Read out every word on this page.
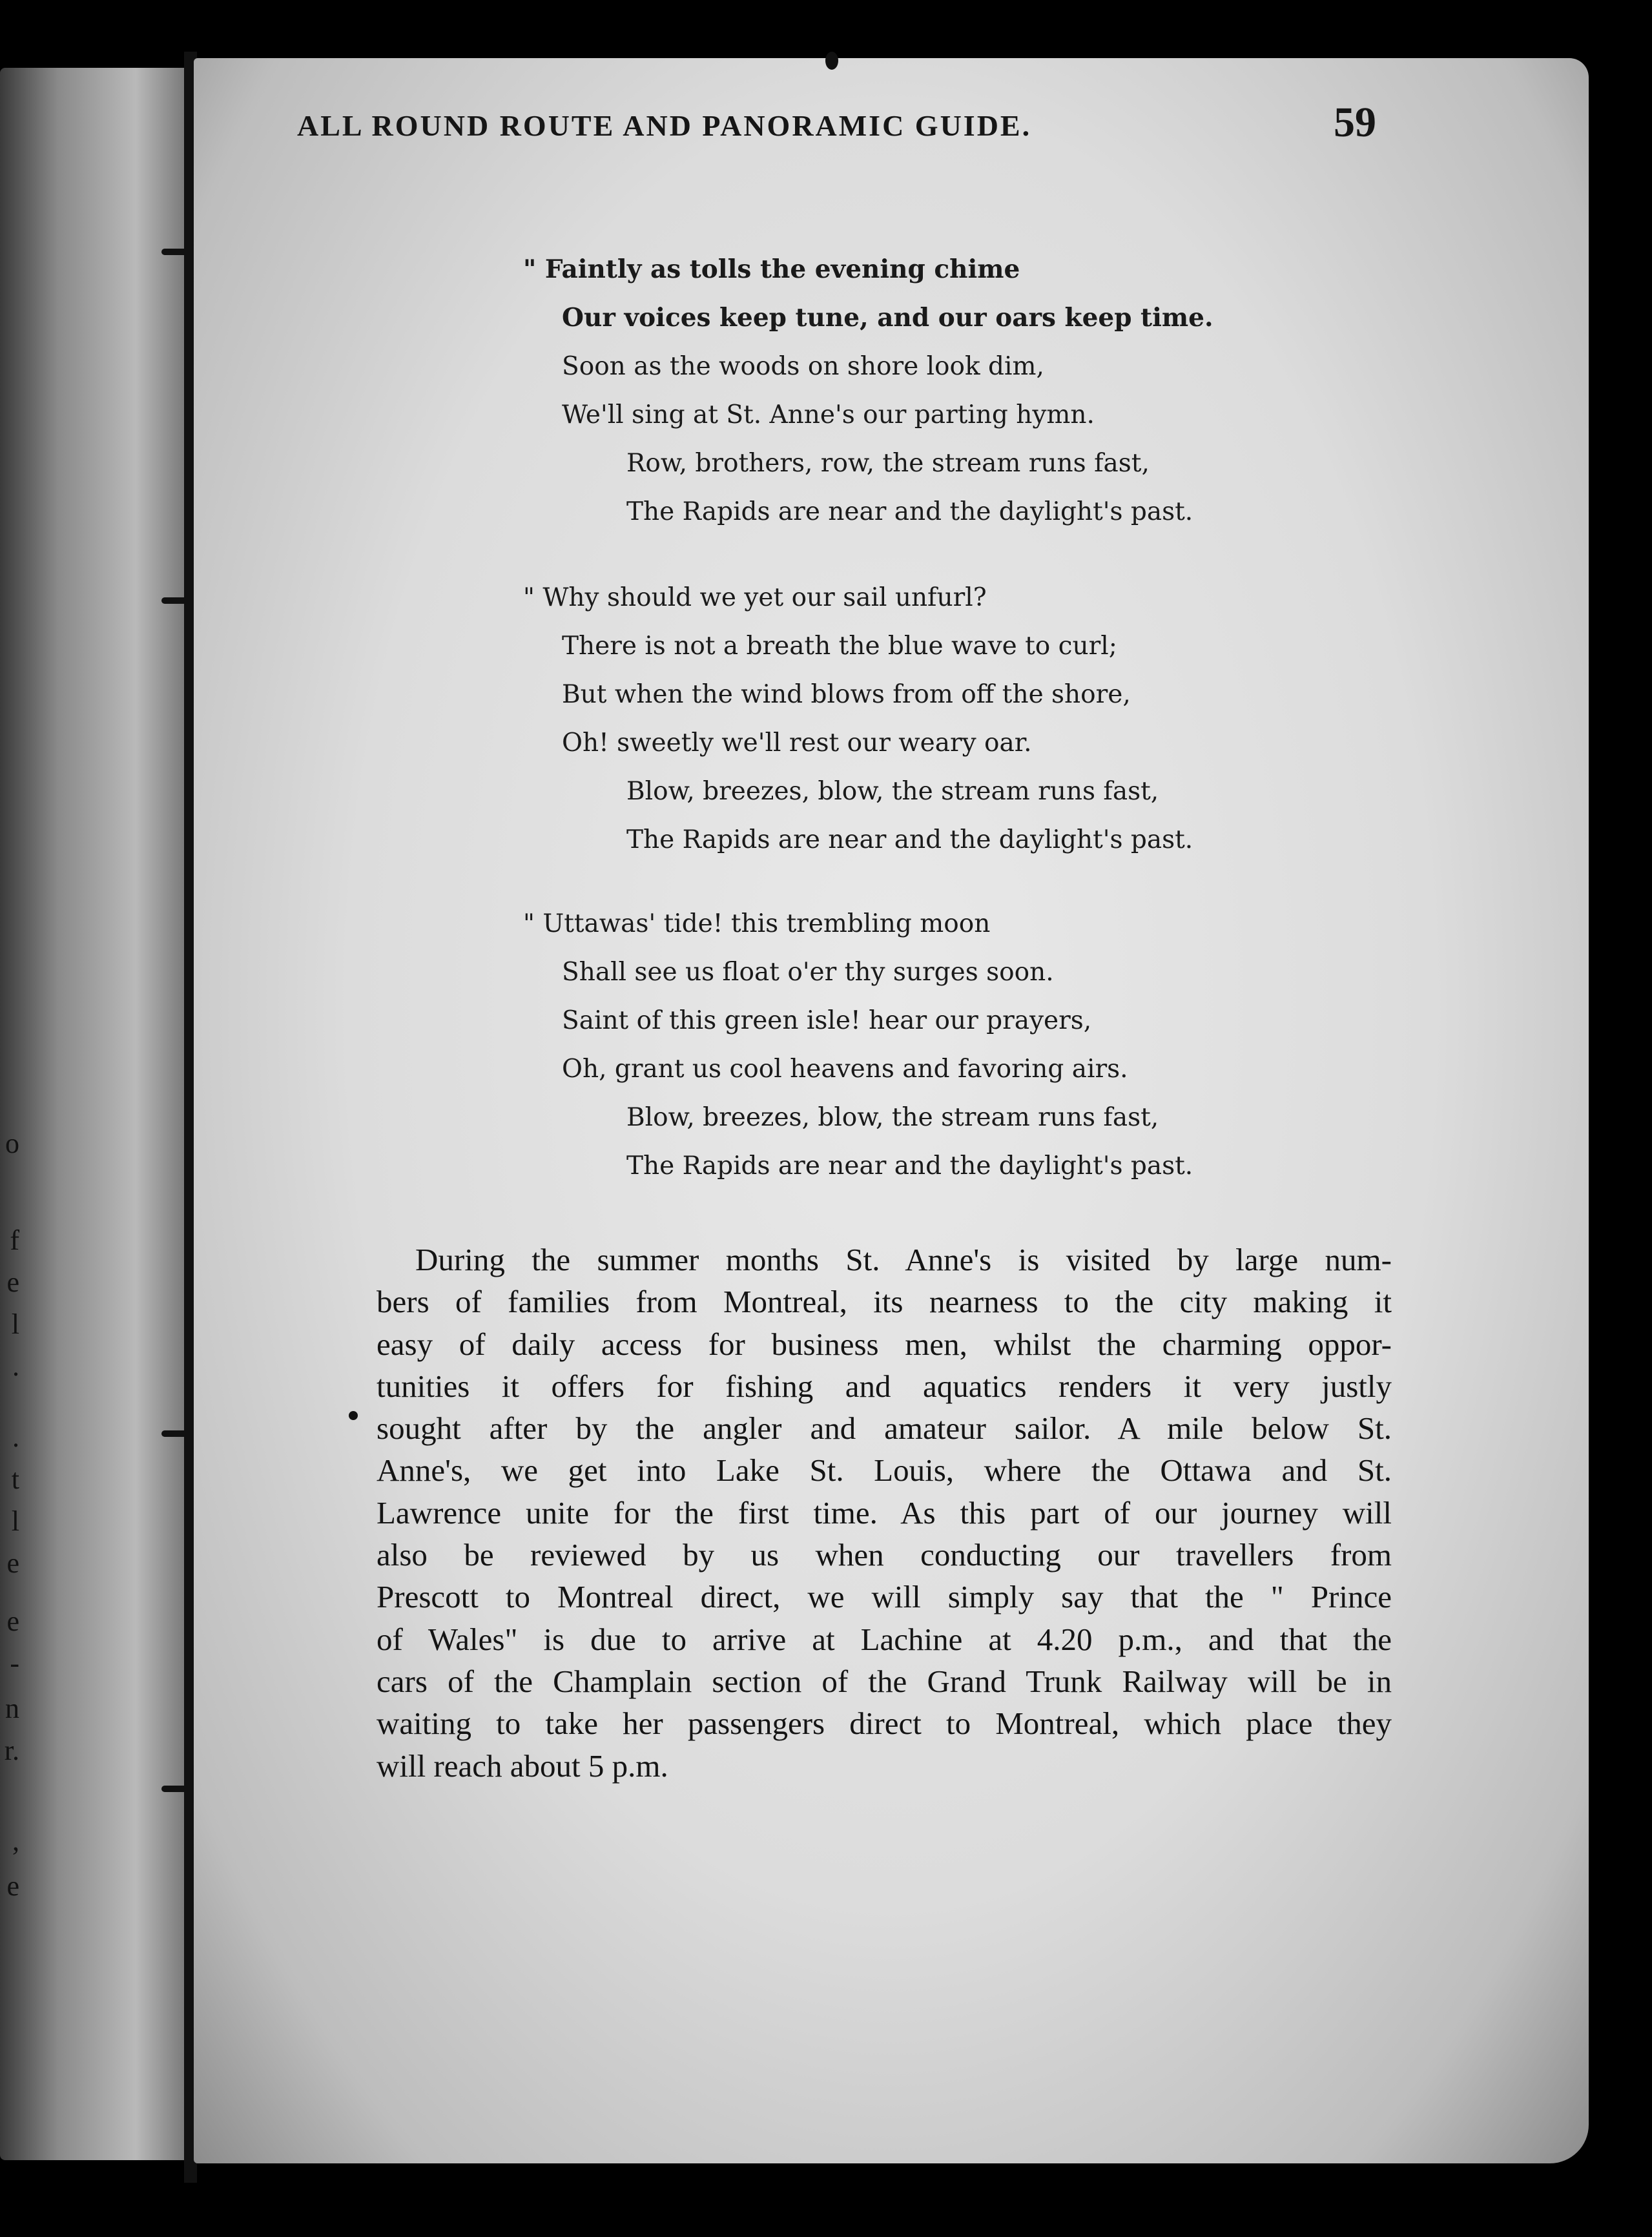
o
f
e
l
.
.
t
l
e
e
-
n
r.
,
e
ALL ROUND ROUTE AND PANORAMIC GUIDE.	59
" Faintly as tolls the evening chime
Our voices keep tune, and our oars keep time.
Soon as the woods on shore look dim,
We'll sing at St. Anne's our parting hymn.
Row, brothers, row, the stream runs fast,
The Rapids are near and the daylight's past.
" Why should we yet our sail unfurl?
There is not a breath the blue wave to curl;
But when the wind blows from off the shore,
Oh! sweetly we'll rest our weary oar.
Blow, breezes, blow, the stream runs fast,
The Rapids are near and the daylight's past.
" Uttawas' tide! this trembling moon
Shall see us float o'er thy surges soon.
Saint of this green isle! hear our prayers,
Oh, grant us cool heavens and favoring airs.
Blow, breezes, blow, the stream runs fast,
The Rapids are near and the daylight's past.
During the summer months St. Anne's is visited by large num-
bers of families from Montreal, its nearness to the city making it
easy of daily access for business men, whilst the charming oppor-
tunities it offers for fishing and aquatics renders it very justly
sought after by the angler and amateur sailor. A mile below St.
Anne's, we get into Lake St. Louis, where the Ottawa and St.
Lawrence unite for the first time. As this part of our journey will
also be reviewed by us when conducting our travellers from
Prescott to Montreal direct, we will simply say that the " Prince
of Wales" is due to arrive at Lachine at 4.20 p.m., and that the
cars of the Champlain section of the Grand Trunk Railway will be in
waiting to take her passengers direct to Montreal, which place they
will reach about 5 p.m.
